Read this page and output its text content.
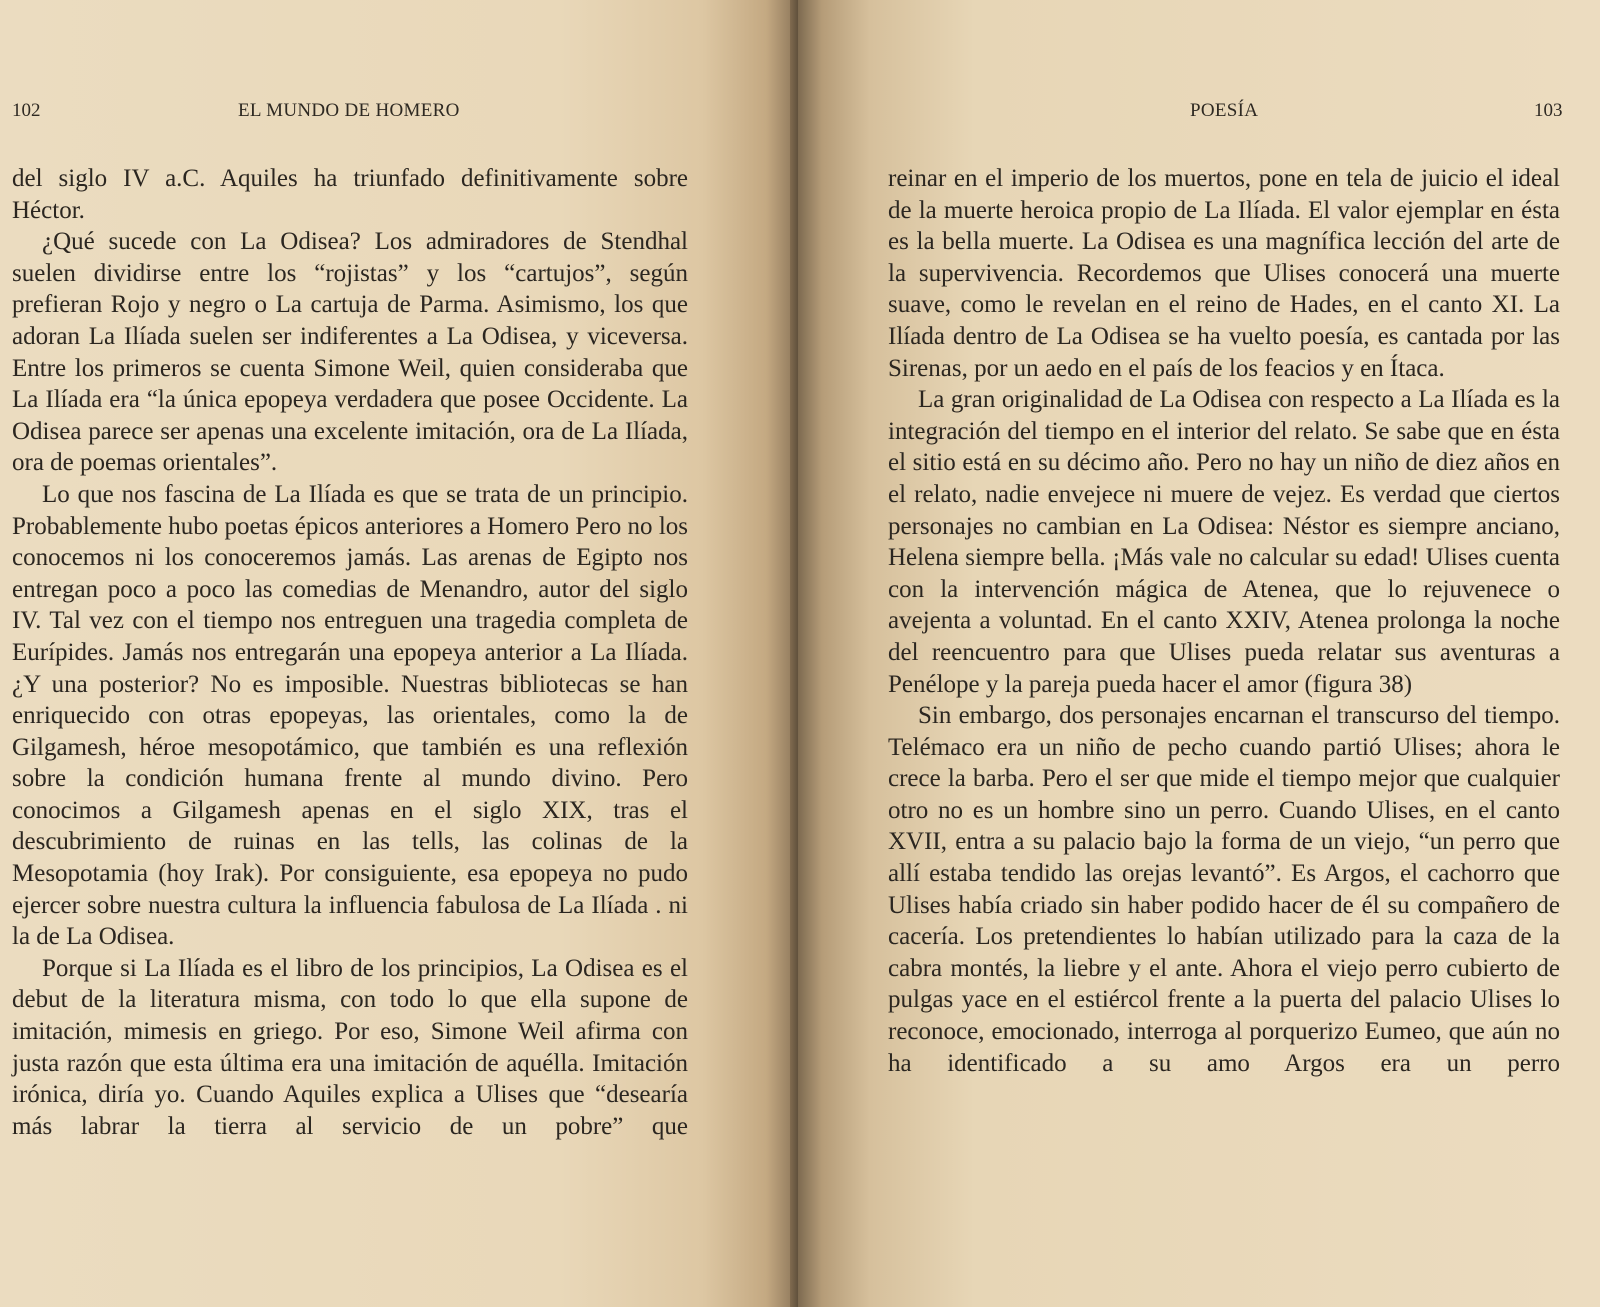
102	EL MUNDO DE HOMERO

del siglo IV a.C. Aquiles ha triunfado definitivamente sobre Héctor.

¿Qué sucede con La Odisea? Los admiradores de Stendhal suelen dividirse entre los “rojistas” y los “cartujos”, según prefieran Rojo y negro o La cartuja de Parma. Asimismo, los que adoran La Ilíada suelen ser indiferentes a La Odisea, y viceversa. Entre los primeros se cuenta Simone Weil, quien consideraba que La Ilíada era “la única epopeya verdadera que posee Occidente. La Odisea parece ser apenas una excelente imitación, ora de La Ilíada, ora de poemas orientales”.

Lo que nos fascina de La Ilíada es que se trata de un principio. Probablemente hubo poetas épicos anteriores a Homero Pero no los conocemos ni los conoceremos jamás. Las arenas de Egipto nos entregan poco a poco las comedias de Menandro, autor del siglo IV. Tal vez con el tiempo nos entreguen una tragedia completa de Eurípides. Jamás nos entregarán una epopeya anterior a La Ilíada. ¿Y una posterior? No es imposible. Nuestras bibliotecas se han enriquecido con otras epopeyas, las orientales, como la de Gilgamesh, héroe mesopotámico, que también es una reflexión sobre la condición humana frente al mundo divino. Pero conocimos a Gilgamesh apenas en el siglo XIX, tras el descubrimiento de ruinas en las tells, las colinas de la Mesopotamia (hoy Irak). Por consiguiente, esa epopeya no pudo ejercer sobre nuestra cultura la influencia fabulosa de La Ilíada . ni la de La Odisea.

Porque si La Ilíada es el libro de los principios, La Odisea es el debut de la literatura misma, con todo lo que ella supone de imitación, mimesis en griego. Por eso, Simone Weil afirma con justa razón que esta última era una imitación de aquélla. Imitación irónica, diría yo. Cuando Aquiles explica a Ulises que “desearía más labrar la tierra al servicio de un pobre” que

POESÍA	103

reinar en el imperio de los muertos, pone en tela de juicio el ideal de la muerte heroica propio de La Ilíada. El valor ejemplar en ésta es la bella muerte. La Odisea es una magnífica lección del arte de la supervivencia. Recordemos que Ulises conocerá una muerte suave, como le revelan en el reino de Hades, en el canto XI. La Ilíada dentro de La Odisea se ha vuelto poesía, es cantada por las Sirenas, por un aedo en el país de los feacios y en Ítaca.

La gran originalidad de La Odisea con respecto a La Ilíada es la integración del tiempo en el interior del relato. Se sabe que en ésta el sitio está en su décimo año. Pero no hay un niño de diez años en el relato, nadie envejece ni muere de vejez. Es verdad que ciertos personajes no cambian en La Odisea: Néstor es siempre anciano, Helena siempre bella. ¡Más vale no calcular su edad! Ulises cuenta con la intervención mágica de Atenea, que lo rejuvenece o avejenta a voluntad. En el canto XXIV, Atenea prolonga la noche del reencuentro para que Ulises pueda relatar sus aventuras a Penélope y la pareja pueda hacer el amor (figura 38)

Sin embargo, dos personajes encarnan el transcurso del tiempo. Telémaco era un niño de pecho cuando partió Ulises; ahora le crece la barba. Pero el ser que mide el tiempo mejor que cualquier otro no es un hombre sino un perro. Cuando Ulises, en el canto XVII, entra a su palacio bajo la forma de un viejo, “un perro que allí estaba tendido las orejas levantó”. Es Argos, el cachorro que Ulises había criado sin haber podido hacer de él su compañero de cacería. Los pretendientes lo habían utilizado para la caza de la cabra montés, la liebre y el ante. Ahora el viejo perro cubierto de pulgas yace en el estiércol frente a la puerta del palacio Ulises lo reconoce, emocionado, interroga al porquerizo Eumeo, que aún no ha identificado a su amo Argos era un perro
